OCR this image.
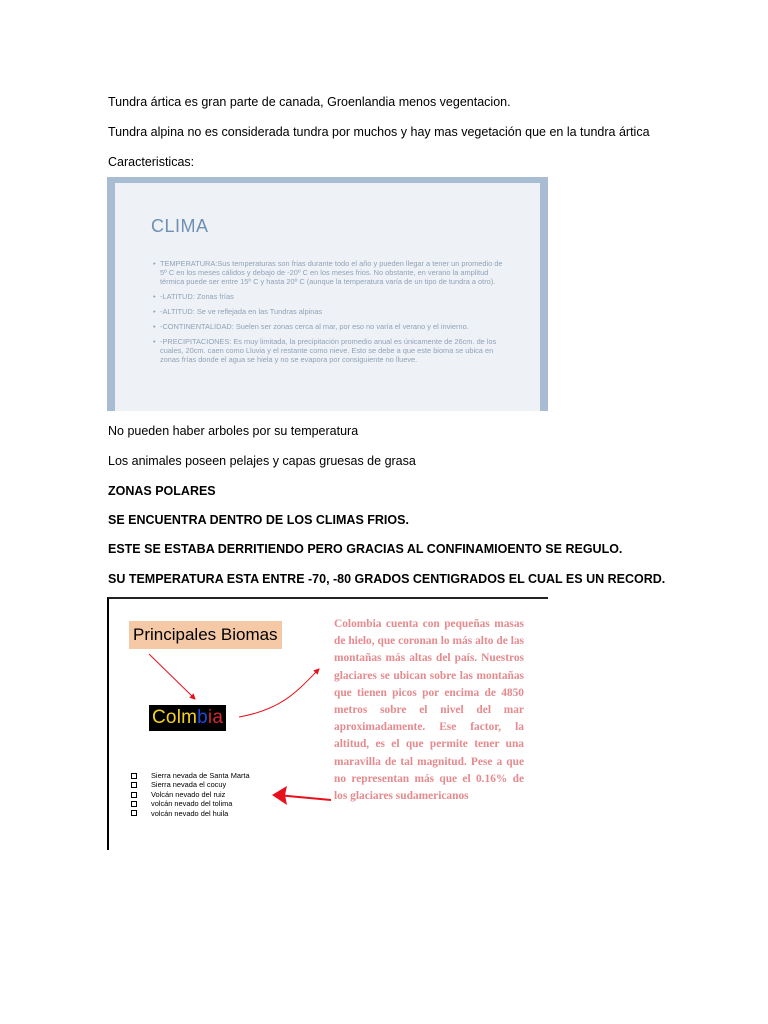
Tundra ártica es gran parte de canada, Groenlandia menos vegentacion.

Tundra alpina no es considerada tundra por muchos y hay mas vegetación que en la tundra ártica

Caracteristicas:

CLIMA
• TEMPERATURA:Sus temperaturas son frias durante todo el año y pueden llegar a tener un promedio de 5º C en los meses cálidos y debajo de -20º C en los meses frios. No obstante, en verano la amplitud térmica puede ser entre 15º C y hasta 20º C (aunque la temperatura varía de un tipo de tundra a otro).
• -LATITUD: Zonas frías
• -ALTITUD: Se ve reflejada en las Tundras alpinas
• -CONTINENTALIDAD: Suelen ser zonas cerca al mar, por eso no varía el verano y el invierno.
• -PRECIPITACIONES: Es muy limitada, la precipitación promedio anual es únicamente de 26cm. de los cuales, 20cm. caen como Lluvia y el restante como nieve. Esto se debe a que este bioma se ubica en zonas frías donde el agua se hiela y no se evapora por consiguiente no llueve.

No pueden haber arboles por su temperatura

Los animales poseen pelajes y capas gruesas de grasa

ZONAS POLARES

SE ENCUENTRA DENTRO DE LOS CLIMAS FRIOS.

ESTE SE ESTABA DERRITIENDO PERO GRACIAS AL CONFINAMIOENTO SE REGULO.

SU TEMPERATURA ESTA ENTRE -70, -80 GRADOS CENTIGRADOS EL CUAL ES UN RECORD.

Principales Biomas
Colmbia
Sierra nevada de Santa Marta
Sierra nevada el cocuy
Volcán nevado del ruiz
volcán nevado del tolima
volcán nevado del huila

Colombia cuenta con pequeñas masas de hielo, que coronan lo más alto de las montañas más altas del país. Nuestros glaciares se ubican sobre las montañas que tienen picos por encima de 4850 metros sobre el nivel del mar aproximadamente. Ese factor, la altitud, es el que permite tener una maravilla de tal magnitud. Pese a que no representan más que el 0.16% de los glaciares sudamericanos
